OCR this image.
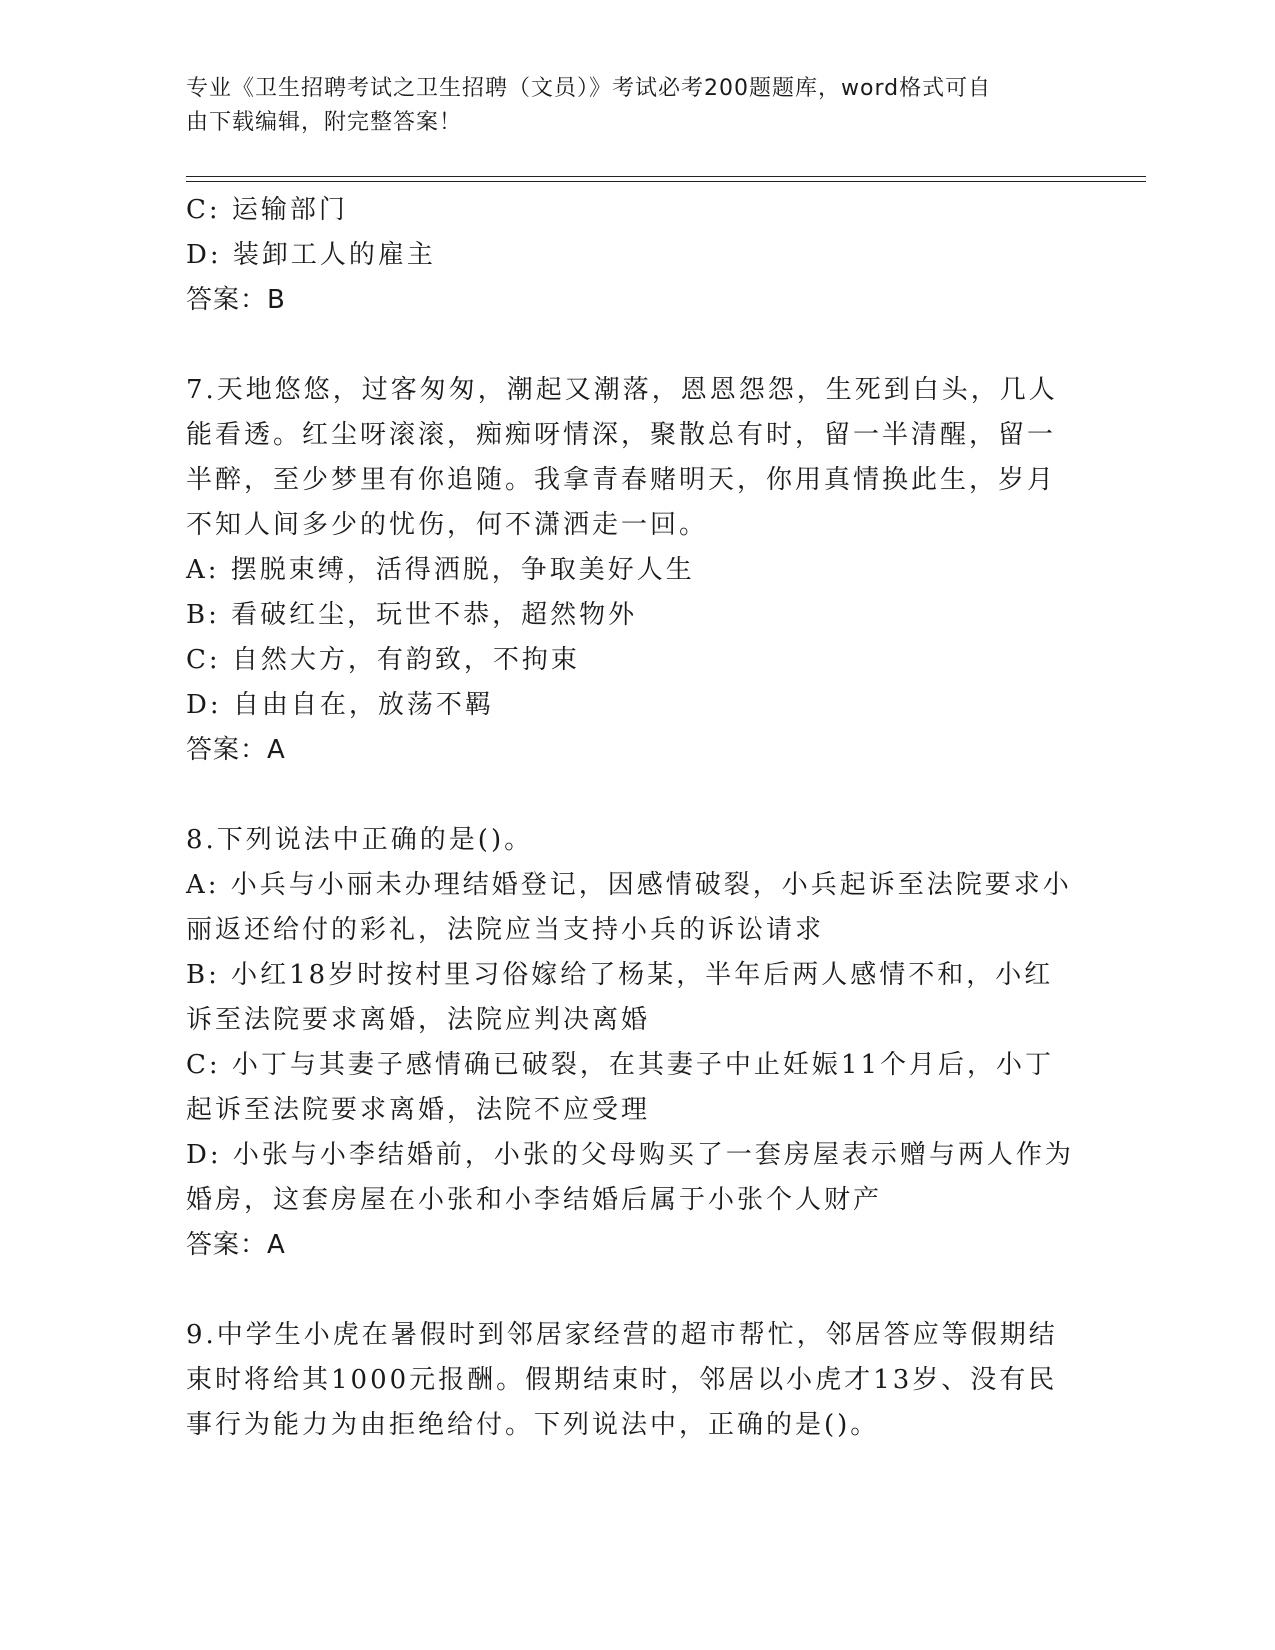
专业《卫生招聘考试之卫生招聘（文员）》考试必考200题题库，word格式可自
由下载编辑，附完整答案！
C: 运输部门
D: 装卸工人的雇主
答案：B
7.天地悠悠，过客匆匆，潮起又潮落，恩恩怨怨，生死到白头，几人
能看透。红尘呀滚滚，痴痴呀情深，聚散总有时，留一半清醒，留一
半醉，至少梦里有你追随。我拿青春赌明天，你用真情换此生，岁月
不知人间多少的忧伤，何不潇洒走一回。
A: 摆脱束缚，活得洒脱，争取美好人生
B: 看破红尘，玩世不恭，超然物外
C: 自然大方，有韵致，不拘束
D: 自由自在，放荡不羁
答案：A
8.下列说法中正确的是()。
A: 小兵与小丽未办理结婚登记，因感情破裂，小兵起诉至法院要求小
丽返还给付的彩礼，法院应当支持小兵的诉讼请求
B: 小红18岁时按村里习俗嫁给了杨某，半年后两人感情不和，小红
诉至法院要求离婚，法院应判决离婚
C: 小丁与其妻子感情确已破裂，在其妻子中止妊娠11个月后，小丁
起诉至法院要求离婚，法院不应受理
D: 小张与小李结婚前，小张的父母购买了一套房屋表示赠与两人作为
婚房，这套房屋在小张和小李结婚后属于小张个人财产
答案：A
9.中学生小虎在暑假时到邻居家经营的超市帮忙，邻居答应等假期结
束时将给其1000元报酬。假期结束时，邻居以小虎才13岁、没有民
事行为能力为由拒绝给付。下列说法中，正确的是()。
